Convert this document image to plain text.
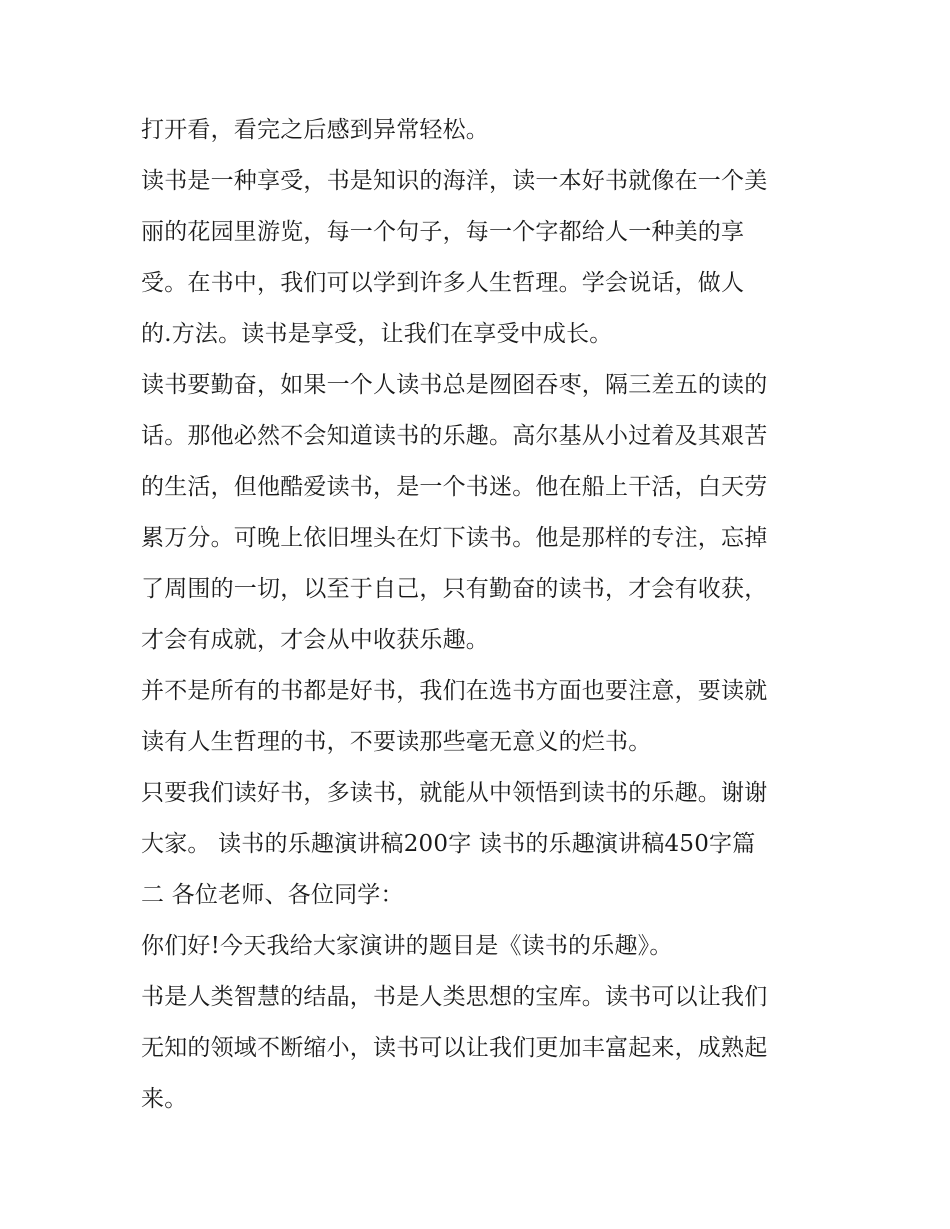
打开看，看完之后感到异常轻松。
读书是一种享受，书是知识的海洋，读一本好书就像在一个美
丽的花园里游览，每一个句子，每一个字都给人一种美的享
受。在书中，我们可以学到许多人生哲理。学会说话，做人
的.方法。读书是享受，让我们在享受中成长。
读书要勤奋，如果一个人读书总是囫囵吞枣，隔三差五的读的
话。那他必然不会知道读书的乐趣。高尔基从小过着及其艰苦
的生活，但他酷爱读书，是一个书迷。他在船上干活，白天劳
累万分。可晚上依旧埋头在灯下读书。他是那样的专注，忘掉
了周围的一切，以至于自己，只有勤奋的读书，才会有收获，
才会有成就，才会从中收获乐趣。
并不是所有的书都是好书，我们在选书方面也要注意，要读就
读有人生哲理的书，不要读那些毫无意义的烂书。
只要我们读好书，多读书，就能从中领悟到读书的乐趣。谢谢
大家。 读书的乐趣演讲稿200字 读书的乐趣演讲稿450字篇
二 各位老师、各位同学：
你们好!今天我给大家演讲的题目是《读书的乐趣》。
书是人类智慧的结晶，书是人类思想的宝库。读书可以让我们
无知的领域不断缩小，读书可以让我们更加丰富起来，成熟起
来。
